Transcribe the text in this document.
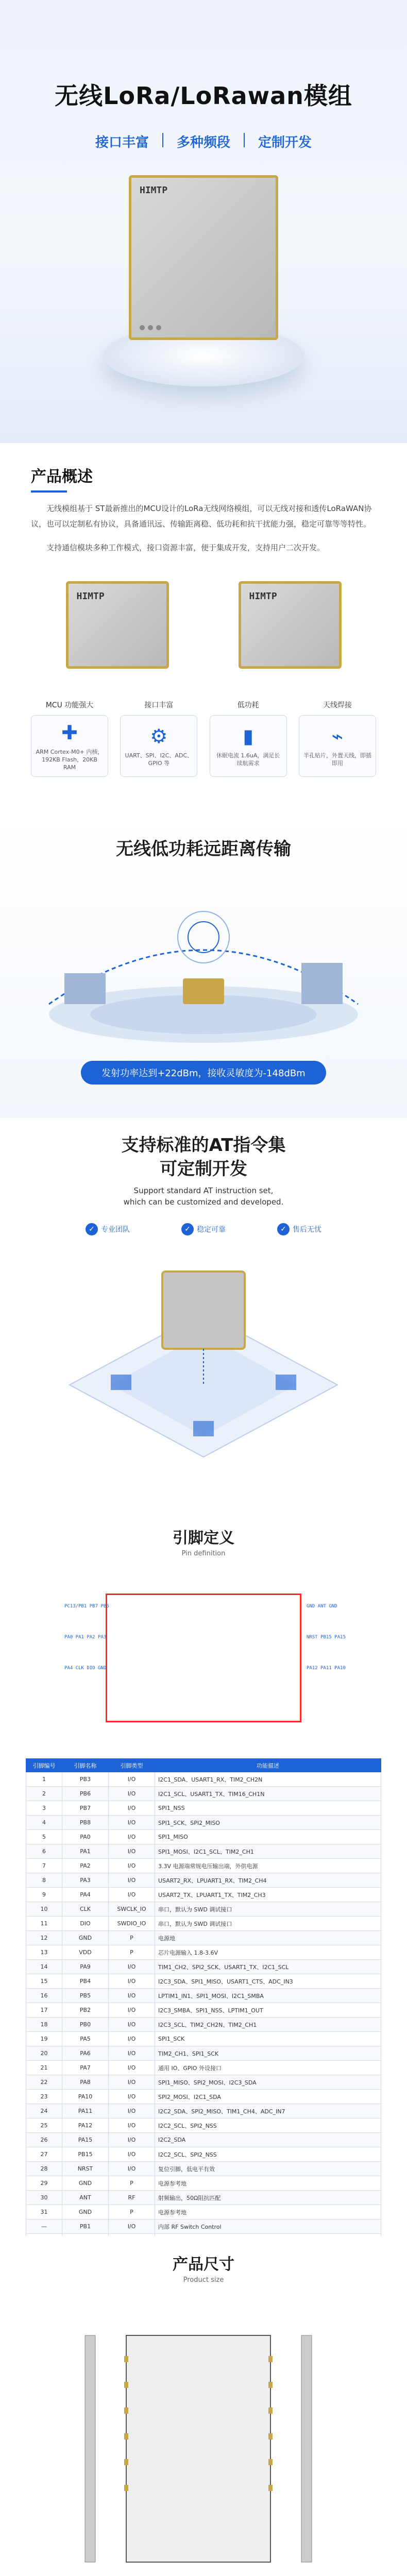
无线LoRa/LoRawan模组
接口丰富 多种频段 定制开发
HIMTP
产品概述

无线模组基于 ST最新推出的MCU设计的LoRa无线网络模组，可以无线对接和透传LoRaWAN协议，也可以定制私有协议，具备通讯远、传输距离稳、低功耗和抗干扰能力强，稳定可靠等等特性。

支持通信模块多种工作模式，接口资源丰富，便于集成开发，支持用户二次开发。

HIMTP	HIMTP
MCU 功能强大
✚
ARM Cortex-M0+ 内核，192KB Flash，20KB RAM
接口丰富
⚙
UART、SPI、I2C、ADC、GPIO 等
低功耗
▮
休眠电流 1.6uA，满足长续航需求
天线焊接
⌁
半孔贴片，外置天线，即插即用
无线低功耗远距离传输
发射功率达到+22dBm，接收灵敏度为-148dBm
支持标准的AT指令集
可定制开发
Support standard AT instruction set,
which can be customized and developed.
✓ 专业团队	✓ 稳定可靠	✓ 售后无忧
引脚定义
Pin definition
PC13/PB1 PB7 PB6
PA0 PA1 PA2 PA3
PA4 CLK DIO GND
GND ANT GND
NRST PB15 PA15
PA12 PA11 PA10
引脚编号	引脚名称	引脚类型	功能描述
1	PB3	I/O	I2C1_SDA、USART1_RX、TIM2_CH2N
2	PB6	I/O	I2C1_SCL、USART1_TX、TIM16_CH1N
3	PB7	I/O	SPI1_NSS
4	PB8	I/O	SPI1_SCK、SPI2_MISO
5	PA0	I/O	SPI1_MISO
6	PA1	I/O	SPI1_MOSI、I2C1_SCL、TIM2_CH1
7	PA2	I/O	3.3V 电源端常规电压输出端，外供电源
8	PA3	I/O	USART2_RX、LPUART1_RX、TIM2_CH4
9	PA4	I/O	USART2_TX、LPUART1_TX、TIM2_CH3
10	CLK	SWCLK_IO	串口，默认为 SWD 调试接口
11	DIO	SWDIO_IO	串口，默认为 SWD 调试接口
12	GND	P	电源地
13	VDD	P	芯片电源输入 1.8-3.6V
14	PA9	I/O	TIM1_CH2、SPI2_SCK、USART1_TX、I2C1_SCL
15	PB4	I/O	I2C3_SDA、SPI1_MISO、USART1_CTS、ADC_IN3
16	PB5	I/O	LPTIM1_IN1、SPI1_MOSI、I2C1_SMBA
17	PB2	I/O	I2C3_SMBA、SPI1_NSS、LPTIM1_OUT
18	PB0	I/O	I2C3_SCL、TIM2_CH2N、TIM2_CH1
19	PA5	I/O	SPI1_SCK
20	PA6	I/O	TIM2_CH1、SPI1_SCK
21	PA7	I/O	通用 IO、GPIO 外设接口
22	PA8	I/O	SPI1_MISO、SPI2_MOSI、I2C3_SDA
23	PA10	I/O	SPI2_MOSI、I2C1_SDA
24	PA11	I/O	I2C2_SDA、SPI2_MISO、TIM1_CH4、ADC_IN7
25	PA12	I/O	I2C2_SCL、SPI2_NSS
26	PA15	I/O	I2C2_SDA
27	PB15	I/O	I2C2_SCL、SPI2_NSS
28	NRST	I/O	复位引脚，低电平有效
29	GND	P	电源参考地
30	ANT	RF	射频输出，50Ω阻抗匹配
31	GND	P	电源参考地
—	PB1	I/O	内部 RF Switch Control

产品尺寸
Product size
